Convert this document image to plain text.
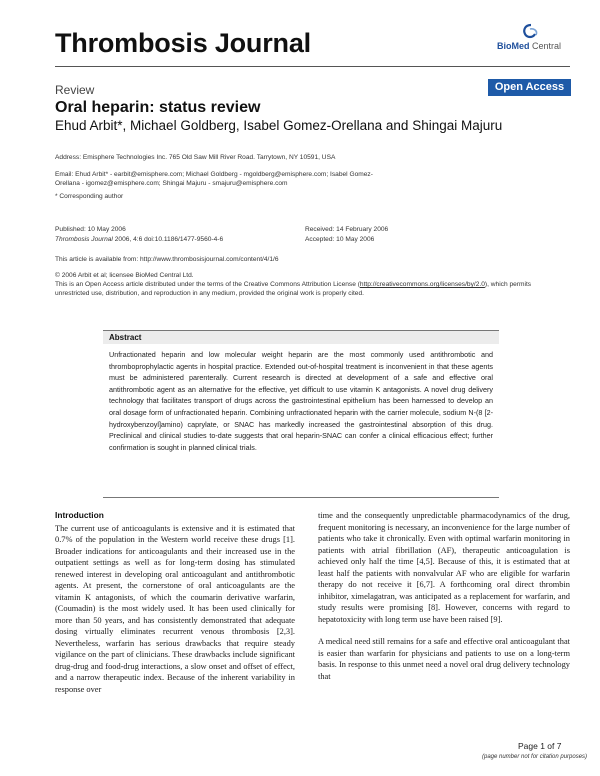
Thrombosis Journal	BioMed Central
Review	Open Access
Oral heparin: status review
Ehud Arbit*, Michael Goldberg, Isabel Gomez-Orellana and Shingai Majuru
Address: Emisphere Technologies Inc. 765 Old Saw Mill River Road. Tarrytown, NY 10591, USA
Email: Ehud Arbit* - earbit@emisphere.com; Michael Goldberg - mgoldberg@emisphere.com; Isabel Gomez-
Orellana - igomez@emisphere.com; Shingai Majuru - smajuru@emisphere.com
* Corresponding author
Published: 10 May 2006	Received: 14 February 2006
Thrombosis Journal 2006, 4:6 doi:10.1186/1477-9560-4-6	Accepted: 10 May 2006
This article is available from: http://www.thrombosisjournal.com/content/4/1/6
© 2006 Arbit et al; licensee BioMed Central Ltd.
This is an Open Access article distributed under the terms of the Creative Commons Attribution License (http://creativecommons.org/licenses/by/2.0), which permits unrestricted use, distribution, and reproduction in any medium, provided the original work is properly cited.
Abstract
Unfractionated heparin and low molecular weight heparin are the most commonly used antithrombotic and thromboprophylactic agents in hospital practice. Extended out-of-hospital treatment is inconvenient in that these agents must be administered parenterally. Current research is directed at development of a safe and effective oral antithrombotic agent as an alternative for the effective, yet difficult to use vitamin K antagonists. A novel drug delivery technology that facilitates transport of drugs across the gastrointestinal epithelium has been harnessed to develop an oral dosage form of unfractionated heparin. Combining unfractionated heparin with the carrier molecule, sodium N-(8 [2-hydroxybenzoyl]amino) caprylate, or SNAC has markedly increased the gastrointestinal absorption of this drug. Preclinical and clinical studies to-date suggests that oral heparin-SNAC can confer a clinical efficacious effect; further confirmation is sought in planned clinical trials.
Introduction
The current use of anticoagulants is extensive and it is estimated that 0.7% of the population in the Western world receive these drugs [1]. Broader indications for anticoagulants and their increased use in the outpatient settings as well as for long-term dosing has stimulated renewed interest in developing oral anticoagulant and antithrombotic agents. At present, the cornerstone of oral anticoagulants are the vitamin K antagonists, of which the coumarin derivative warfarin, (Coumadin) is the most widely used. It has been used clinically for more than 50 years, and has consistently demonstrated that adequate dosing virtually eliminates recurrent venous thrombosis [2,3]. Nevertheless, warfarin has serious drawbacks that require steady vigilance on the part of clinicians. These drawbacks include significant drug-drug and food-drug interactions, a slow onset and offset of effect, and a narrow therapeutic index. Because of the inherent variability in response over
time and the consequently unpredictable pharmacodynamics of the drug, frequent monitoring is necessary, an inconvenience for the large number of patients who take it chronically. Even with optimal warfarin monitoring in patients with atrial fibrillation (AF), therapeutic anticoagulation is achieved only half the time [4,5]. Because of this, it is estimated that at least half the patients with nonvalvular AF who are eligible for warfarin therapy do not receive it [6,7]. A forthcoming oral direct thrombin inhibitor, ximelagatran, was anticipated as a replacement for warfarin, and study results were promising [8]. However, concerns with regard to hepatotoxicity with long term use have been raised [9].
A medical need still remains for a safe and effective oral anticoagulant that is easier than warfarin for physicians and patients to use on a long-term basis. In response to this unmet need a novel oral drug delivery technology that
Page 1 of 7
(page number not for citation purposes)
